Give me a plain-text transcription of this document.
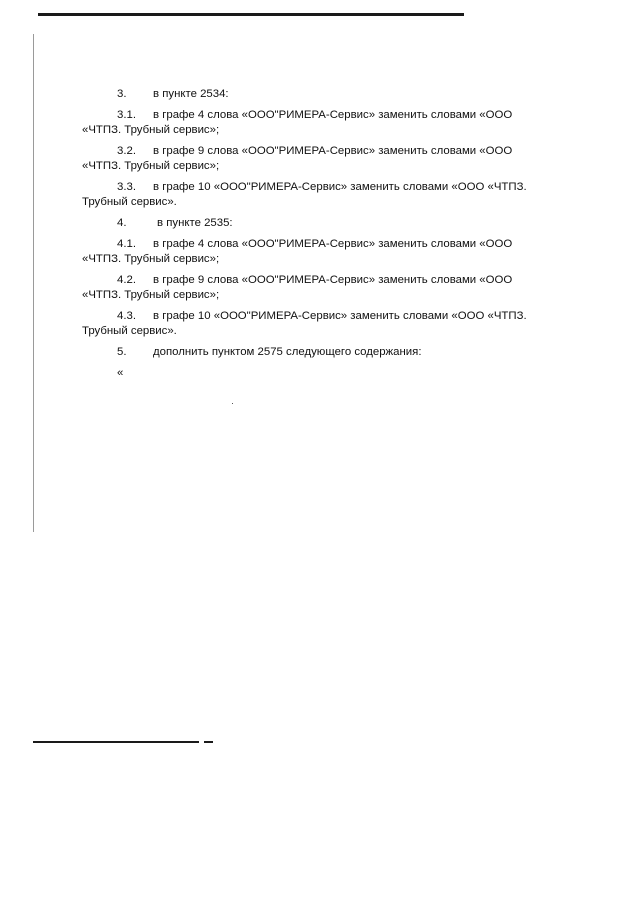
3. в пункте 2534:
3.1. в графе 4 слова «ООО"РИМЕРА-Сервис» заменить словами «ООО
«ЧТПЗ. Трубный сервис»;
3.2. в графе 9 слова «ООО"РИМЕРА-Сервис» заменить словами «ООО
«ЧТПЗ. Трубный сервис»;
3.3. в графе 10 «ООО"РИМЕРА-Сервис» заменить словами «ООО «ЧТПЗ.
Трубный сервис».
4.	в пункте 2535:
4.1. в графе 4 слова «ООО"РИМЕРА-Сервис» заменить словами «ООО
«ЧТПЗ. Трубный сервис»;
4.2. в графе 9 слова «ООО"РИМЕРА-Сервис» заменить словами «ООО
«ЧТПЗ. Трубный сервис»;
4.3. в графе 10 «ООО"РИМЕРА-Сервис» заменить словами «ООО «ЧТПЗ.
Трубный сервис».
5. дополнить пунктом 2575 следующего содержания:
«
